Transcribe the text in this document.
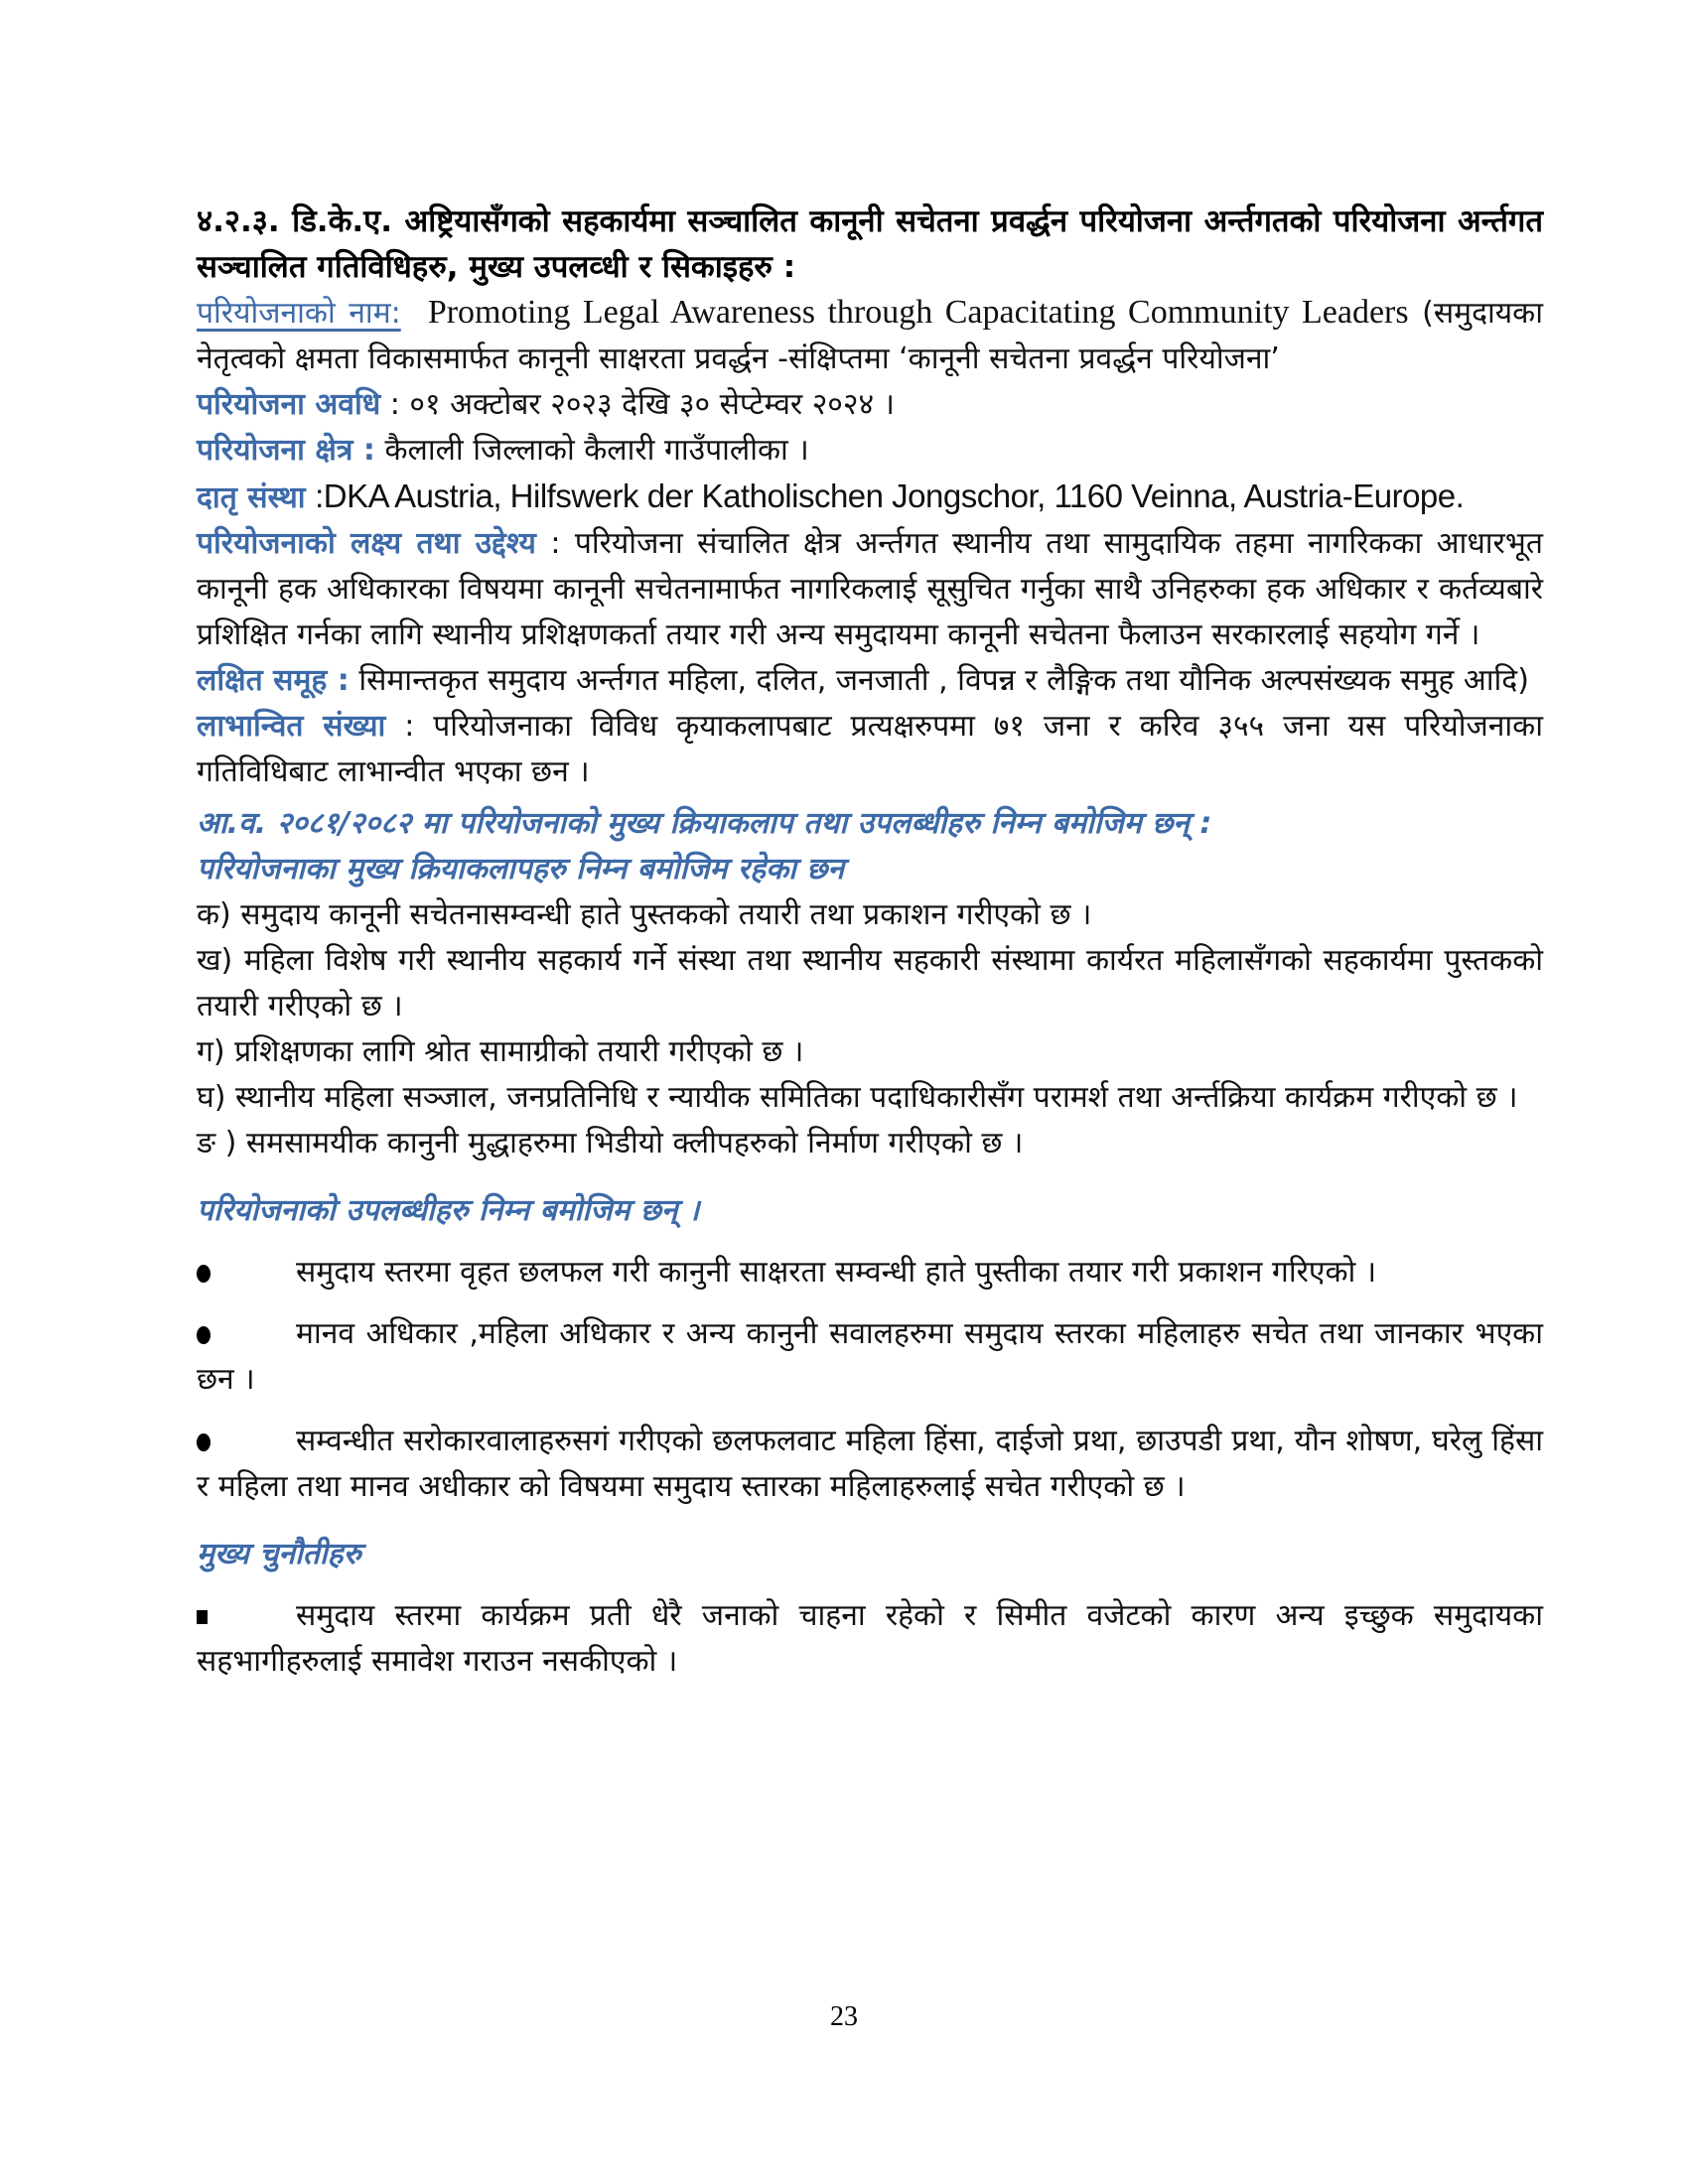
४.२.३. डि.के.ए. अष्ट्रियासँगको सहकार्यमा सञ्चालित कानूनी सचेतना प्रवर्द्धन परियोजना अर्न्तगतको परियोजना अर्न्तगत सञ्चालित गतिविधिहरु, मुख्य उपलव्धी र सिकाइहरु :

परियोजनाको नाम: Promoting Legal Awareness through Capacitating Community Leaders (समुदायका नेतृत्वको क्षमता विकासमार्फत कानूनी साक्षरता प्रवर्द्धन -संक्षिप्तमा ‘कानूनी सचेतना प्रवर्द्धन परियोजना’

परियोजना अवधि : ०१ अक्टोबर २०२३ देखि ३० सेप्टेम्वर २०२४ ।

परियोजना क्षेत्र : कैलाली जिल्लाको कैलारी गाउँपालीका ।

दातृ संस्था :DKA Austria, Hilfswerk der Katholischen Jongschor, 1160 Veinna, Austria-Europe.

परियोजनाको लक्ष्य तथा उद्देश्य : परियोजना संचालित क्षेत्र अर्न्तगत स्थानीय तथा सामुदायिक तहमा नागरिकका आधारभूत कानूनी हक अधिकारका विषयमा कानूनी सचेतनामार्फत नागरिकलाई सूसुचित गर्नुका साथै उनिहरुका हक अधिकार र कर्तव्यबारे प्रशिक्षित गर्नका लागि स्थानीय प्रशिक्षणकर्ता तयार गरी अन्य समुदायमा कानूनी सचेतना फैलाउन सरकारलाई सहयोग गर्ने ।

लक्षित समूह : सिमान्तकृत समुदाय अर्न्तगत महिला, दलित, जनजाती , विपन्न र लैङ्गिक तथा यौनिक अल्पसंख्यक समुह आदि)

लाभान्वित संख्या : परियोजनाका विविध कृयाकलापबाट प्रत्यक्षरुपमा ७१ जना र करिव ३५५ जना यस परियोजनाका गतिविधिबाट लाभान्वीत भएका छन ।

आ.व. २०८१/२०८२ मा परियोजनाको मुख्य क्रियाकलाप तथा उपलब्धीहरु निम्न बमोजिम छन् :

परियोजनाका मुख्य क्रियाकलापहरु निम्न बमोजिम रहेका छन

क) समुदाय कानूनी सचेतनासम्वन्धी हाते पुस्तकको तयारी तथा प्रकाशन गरीएको छ ।

ख) महिला विशेष गरी स्थानीय सहकार्य गर्ने संस्था तथा स्थानीय सहकारी संस्थामा कार्यरत महिलासँगको सहकार्यमा पुस्तकको तयारी गरीएको छ ।

ग) प्रशिक्षणका लागि श्रोत सामाग्रीको तयारी गरीएको छ ।

घ) स्थानीय महिला सञ्जाल, जनप्रतिनिधि र न्यायीक समितिका पदाधिकारीसँग परामर्श तथा अर्न्तक्रिया कार्यक्रम गरीएको छ ।

ङ ) समसामयीक कानुनी मुद्धाहरुमा भिडीयो क्लीपहरुको निर्माण गरीएको छ ।

परियोजनाको उपलब्धीहरु निम्न बमोजिम छन् ।

समुदाय स्तरमा वृहत छलफल गरी कानुनी साक्षरता सम्वन्धी हाते पुस्तीका तयार गरी प्रकाशन गरिएको ।

मानव अधिकार ,महिला अधिकार र अन्य कानुनी सवालहरुमा समुदाय स्तरका महिलाहरु सचेत तथा जानकार भएका छन ।

सम्वन्धीत सरोकारवालाहरुसगं गरीएको छलफलवाट महिला हिंसा, दाईजो प्रथा, छाउपडी प्रथा, यौन शोषण, घरेलु हिंसा र महिला तथा मानव अधीकार को विषयमा समुदाय स्तारका महिलाहरुलाई सचेत गरीएको छ ।

मुख्य चुनौतीहरु

समुदाय स्तरमा कार्यक्रम प्रती धेरै जनाको चाहना रहेको र सिमीत वजेटको कारण अन्य इच्छुक समुदायका सहभागीहरुलाई समावेश गराउन नसकीएको ।

23
